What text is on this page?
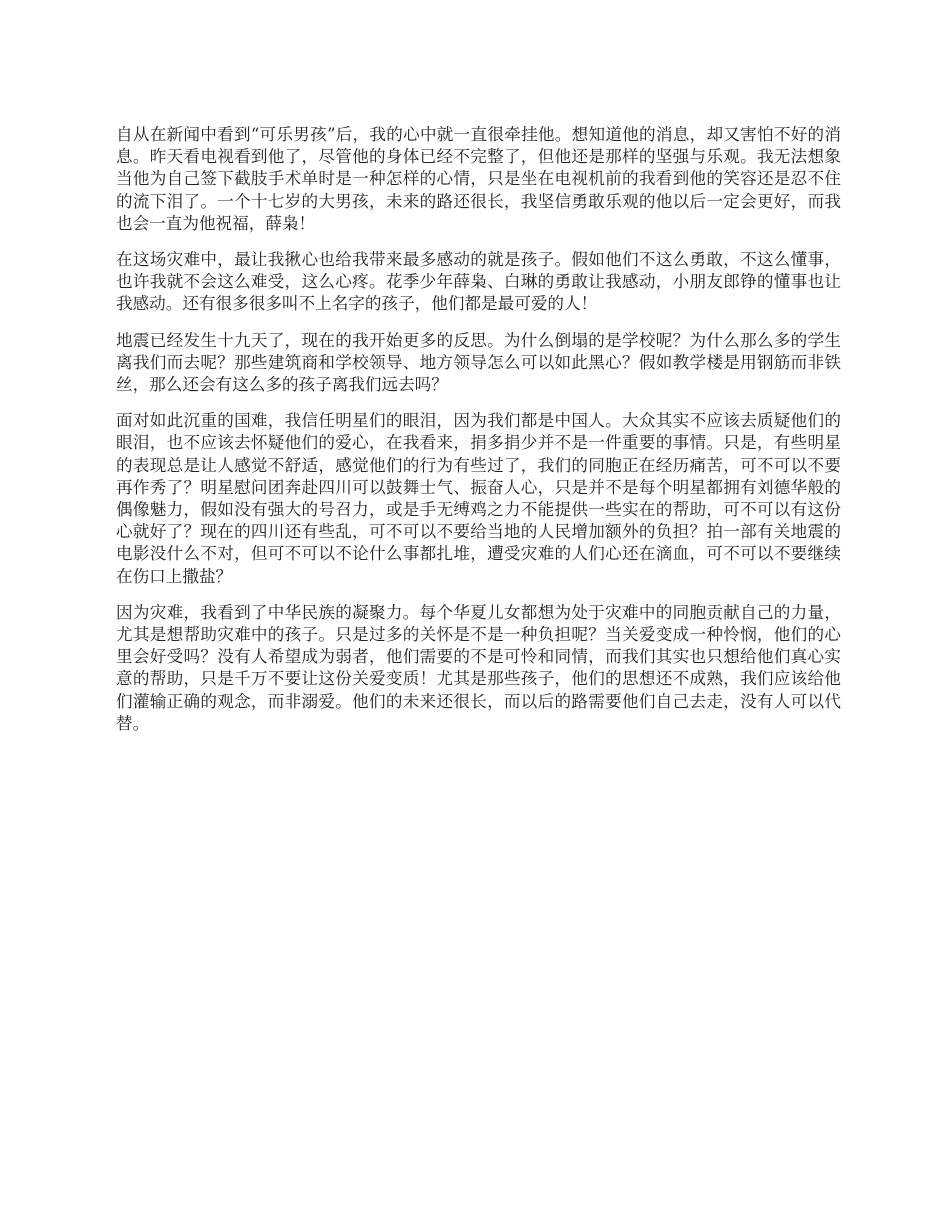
自从在新闻中看到“可乐男孩”后，我的心中就一直很牵挂他。想知道他的消息，却又害怕不好的消息。昨天看电视看到他了，尽管他的身体已经不完整了，但他还是那样的坚强与乐观。我无法想象当他为自己签下截肢手术单时是一种怎样的心情，只是坐在电视机前的我看到他的笑容还是忍不住的流下泪了。一个十七岁的大男孩，未来的路还很长，我坚信勇敢乐观的他以后一定会更好，而我也会一直为他祝福，薛枭！

在这场灾难中，最让我揪心也给我带来最多感动的就是孩子。假如他们不这么勇敢，不这么懂事，也许我就不会这么难受，这么心疼。花季少年薛枭、白琳的勇敢让我感动，小朋友郎铮的懂事也让我感动。还有很多很多叫不上名字的孩子，他们都是最可爱的人！

地震已经发生十九天了，现在的我开始更多的反思。为什么倒塌的是学校呢？为什么那么多的学生离我们而去呢？那些建筑商和学校领导、地方领导怎么可以如此黑心？假如教学楼是用钢筋而非铁丝，那么还会有这么多的孩子离我们远去吗？

面对如此沉重的国难，我信任明星们的眼泪，因为我们都是中国人。大众其实不应该去质疑他们的眼泪，也不应该去怀疑他们的爱心，在我看来，捐多捐少并不是一件重要的事情。只是，有些明星的表现总是让人感觉不舒适，感觉他们的行为有些过了，我们的同胞正在经历痛苦，可不可以不要再作秀了？明星慰问团奔赴四川可以鼓舞士气、振奋人心，只是并不是每个明星都拥有刘德华般的偶像魅力，假如没有强大的号召力，或是手无缚鸡之力不能提供一些实在的帮助，可不可以有这份心就好了？现在的四川还有些乱，可不可以不要给当地的人民增加额外的负担？拍一部有关地震的电影没什么不对，但可不可以不论什么事都扎堆，遭受灾难的人们心还在滴血，可不可以不要继续在伤口上撒盐？

因为灾难，我看到了中华民族的凝聚力。每个华夏儿女都想为处于灾难中的同胞贡献自己的力量，尤其是想帮助灾难中的孩子。只是过多的关怀是不是一种负担呢？当关爱变成一种怜悯，他们的心里会好受吗？没有人希望成为弱者，他们需要的不是可怜和同情，而我们其实也只想给他们真心实意的帮助，只是千万不要让这份关爱变质！尤其是那些孩子，他们的思想还不成熟，我们应该给他们灌输正确的观念，而非溺爱。他们的未来还很长，而以后的路需要他们自己去走，没有人可以代替。
